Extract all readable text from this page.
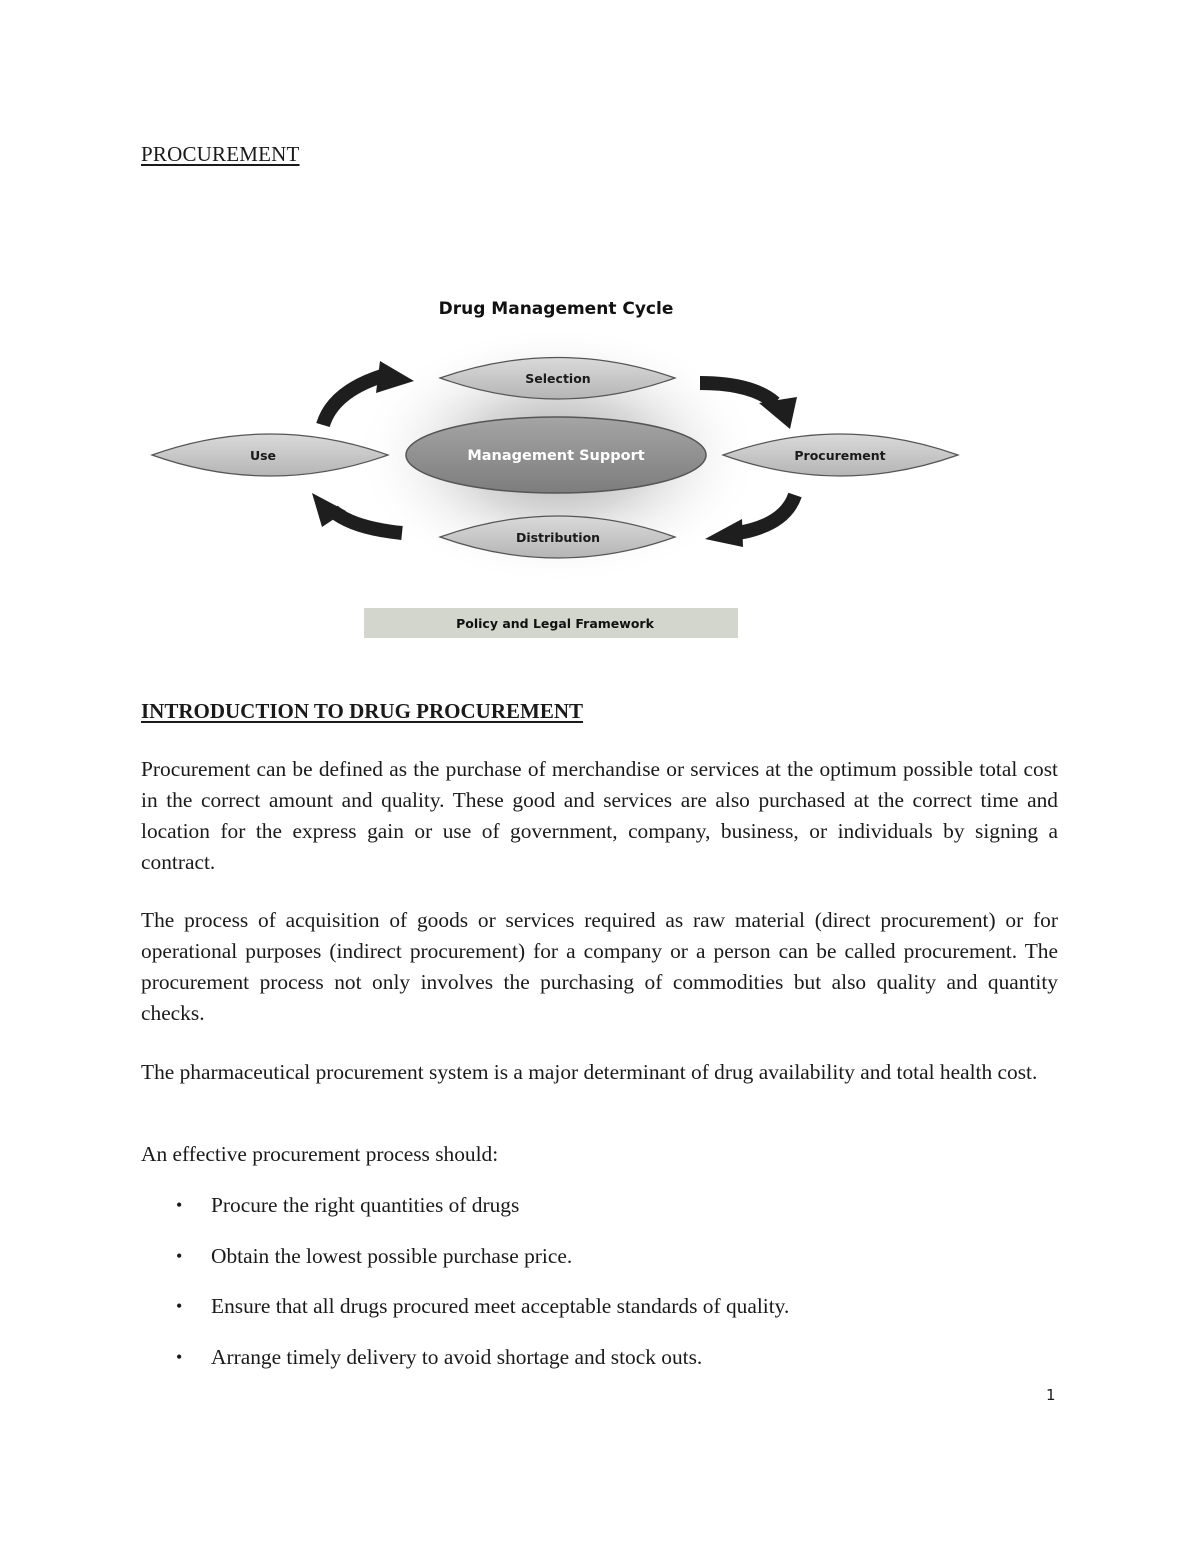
PROCUREMENT
Drug Management Cycle
Management Support
Selection
Procurement
Distribution
Use
Policy and Legal Framework
INTRODUCTION TO DRUG PROCUREMENT

Procurement can be defined as the purchase of merchandise or services at the optimum possible total cost in the correct amount and quality. These good and services are also purchased at the correct time and location for the express gain or use of government, company, business, or individuals by signing a contract.

The process of acquisition of goods or services required as raw material (direct procurement) or for operational purposes (indirect procurement) for a company or a person can be called procurement. The procurement process not only involves the purchasing of commodities but also quality and quantity checks.

The pharmaceutical procurement system is a major determinant of drug availability and total health cost.

An effective procurement process should:

• Procure the right quantities of drugs
• Obtain the lowest possible purchase price.
• Ensure that all drugs procured meet acceptable standards of quality.
• Arrange timely delivery to avoid shortage and stock outs.
1
